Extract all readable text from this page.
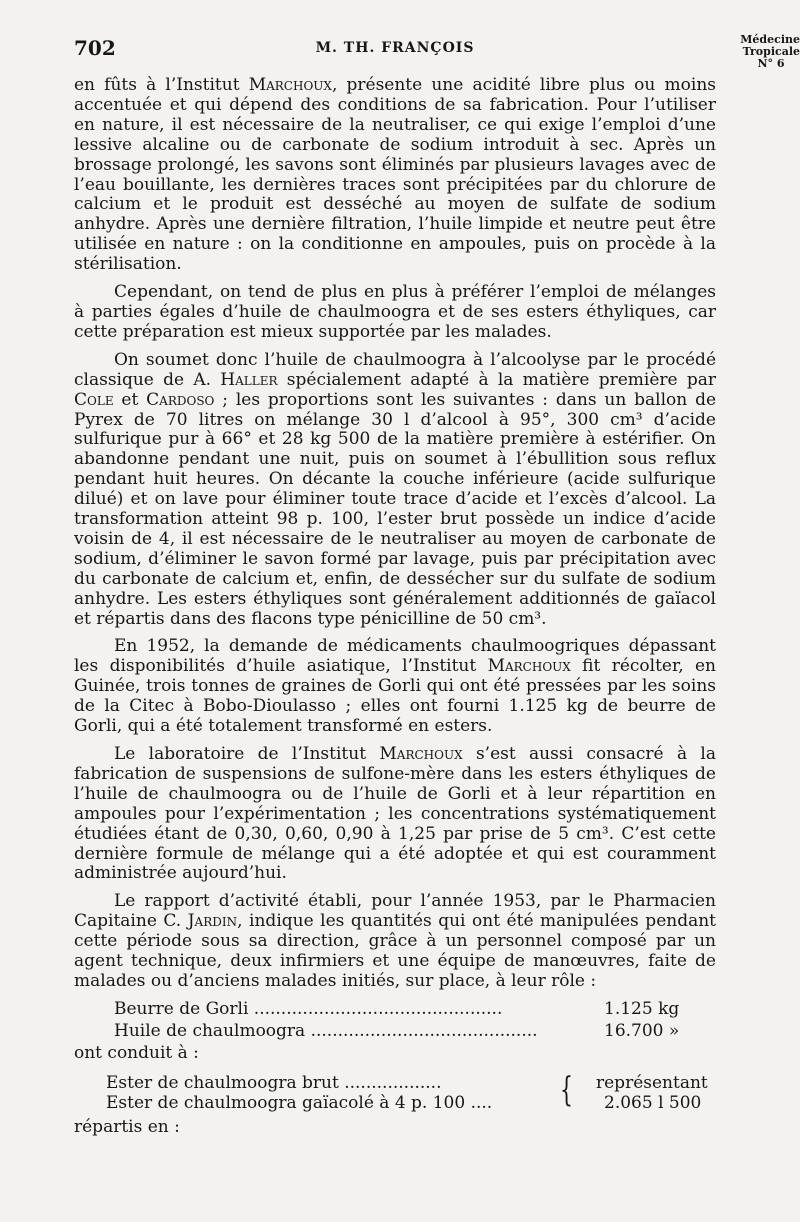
702	M. TH. FRANÇOIS
Médecine
Tropicale
N° 6

en fûts à l’Institut Marchoux, présente une acidité libre plus ou moins accentuée et qui dépend des conditions de sa fabrication. Pour l’utiliser en nature, il est nécessaire de la neutraliser, ce qui exige l’emploi d’une lessive alcaline ou de carbonate de sodium introduit à sec. Après un brossage prolongé, les savons sont éliminés par plusieurs lavages avec de l’eau bouillante, les dernières traces sont précipitées par du chlorure de calcium et le produit est desséché au moyen de sulfate de sodium anhydre. Après une dernière filtration, l’huile limpide et neutre peut être utilisée en nature : on la conditionne en ampoules, puis on procède à la stérilisation.

Cependant, on tend de plus en plus à préférer l’emploi de mélanges à parties égales d’huile de chaulmoogra et de ses esters éthyliques, car cette préparation est mieux supportée par les malades.

On soumet donc l’huile de chaulmoogra à l’alcoolyse par le procédé classique de A. Haller spécialement adapté à la matière première par Cole et Cardoso ; les proportions sont les suivantes : dans un ballon de Pyrex de 70 litres on mélange 30 l d’alcool à 95°, 300 cm³ d’acide sulfurique pur à 66° et 28 kg 500 de la matière première à estérifier. On abandonne pendant une nuit, puis on soumet à l’ébullition sous reflux pendant huit heures. On décante la couche inférieure (acide sulfurique dilué) et on lave pour éliminer toute trace d’acide et l’excès d’alcool. La transformation atteint 98 p. 100, l’ester brut possède un indice d’acide voisin de 4, il est nécessaire de le neutraliser au moyen de carbonate de sodium, d’éliminer le savon formé par lavage, puis par précipitation avec du carbonate de calcium et, enfin, de dessécher sur du sulfate de sodium anhydre. Les esters éthyliques sont généralement additionnés de gaïacol et répartis dans des flacons type pénicilline de 50 cm³.

En 1952, la demande de médicaments chaulmoogriques dépassant les disponibilités d’huile asiatique, l’Institut Marchoux fit récolter, en Guinée, trois tonnes de graines de Gorli qui ont été pressées par les soins de la Citec à Bobo-Dioulasso ; elles ont fourni 1.125 kg de beurre de Gorli, qui a été totalement transformé en esters.

Le laboratoire de l’Institut Marchoux s’est aussi consacré à la fabrication de suspensions de sulfone-mère dans les esters éthyliques de l’huile de chaulmoogra ou de l’huile de Gorli et à leur répartition en ampoules pour l’expérimentation ; les concentrations systématiquement étudiées étant de 0,30, 0,60, 0,90 à 1,25 par prise de 5 cm³. C’est cette dernière formule de mélange qui a été adoptée et qui est couramment administrée aujourd’hui.

Le rapport d’activité établi, pour l’année 1953, par le Pharmacien Capitaine C. Jardin, indique les quantités qui ont été manipulées pendant cette période sous sa direction, grâce à un personnel composé par un agent technique, deux infirmiers et une équipe de manœuvres, faite de malades ou d’anciens malades initiés, sur place, à leur rôle :

Beurre de Gorli ..............................................	1.125 kg
Huile de chaulmoogra ..........................................	16.700 »
ont conduit à :
Ester de chaulmoogra brut ..................
Ester de chaulmoogra gaïacolé à 4 p. 100 .... { représentant
2.065 l 500
répartis en :
